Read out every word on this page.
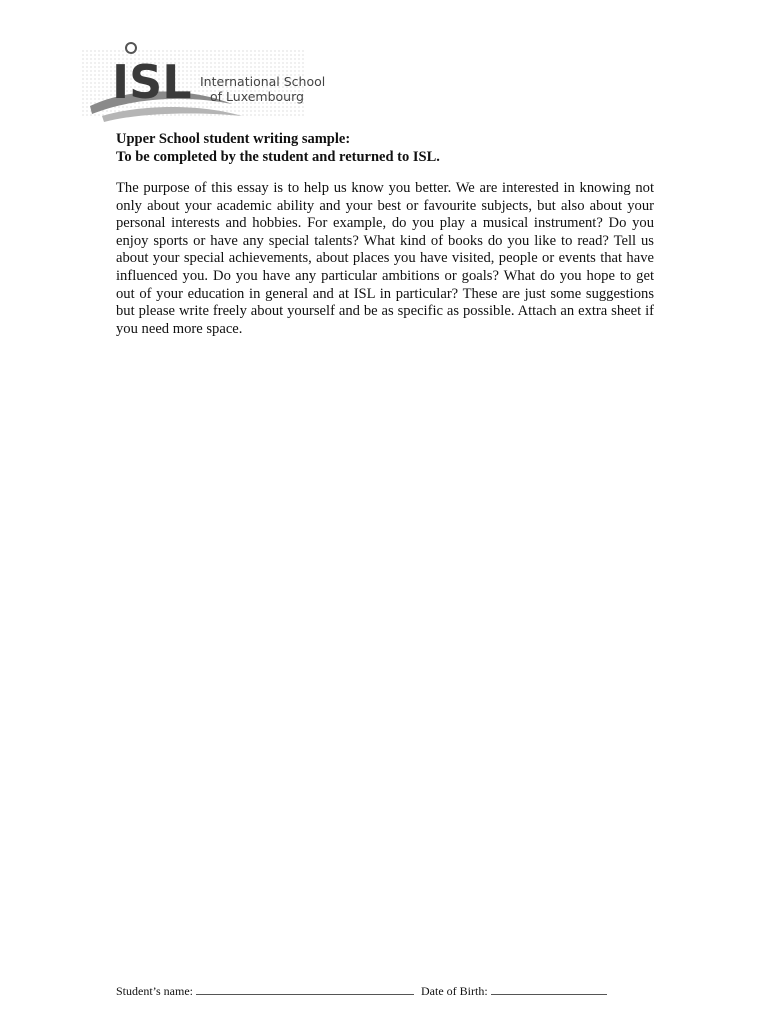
ISL International School
of Luxembourg
Upper School student writing sample:
To be completed by the student and returned to ISL.

The purpose of this essay is to help us know you better. We are interested in knowing not only about your academic ability and your best or favourite subjects, but also about your personal interests and hobbies. For example, do you play a musical instrument? Do you enjoy sports or have any special talents? What kind of books do you like to read? Tell us about your special achievements, about places you have visited, people or events that have influenced you. Do you have any particular ambitions or goals? What do you hope to get out of your education in general and at ISL in particular? These are just some suggestions but please write freely about yourself and be as specific as possible. Attach an extra sheet if you need more space.

Student’s name:	Date of Birth:
